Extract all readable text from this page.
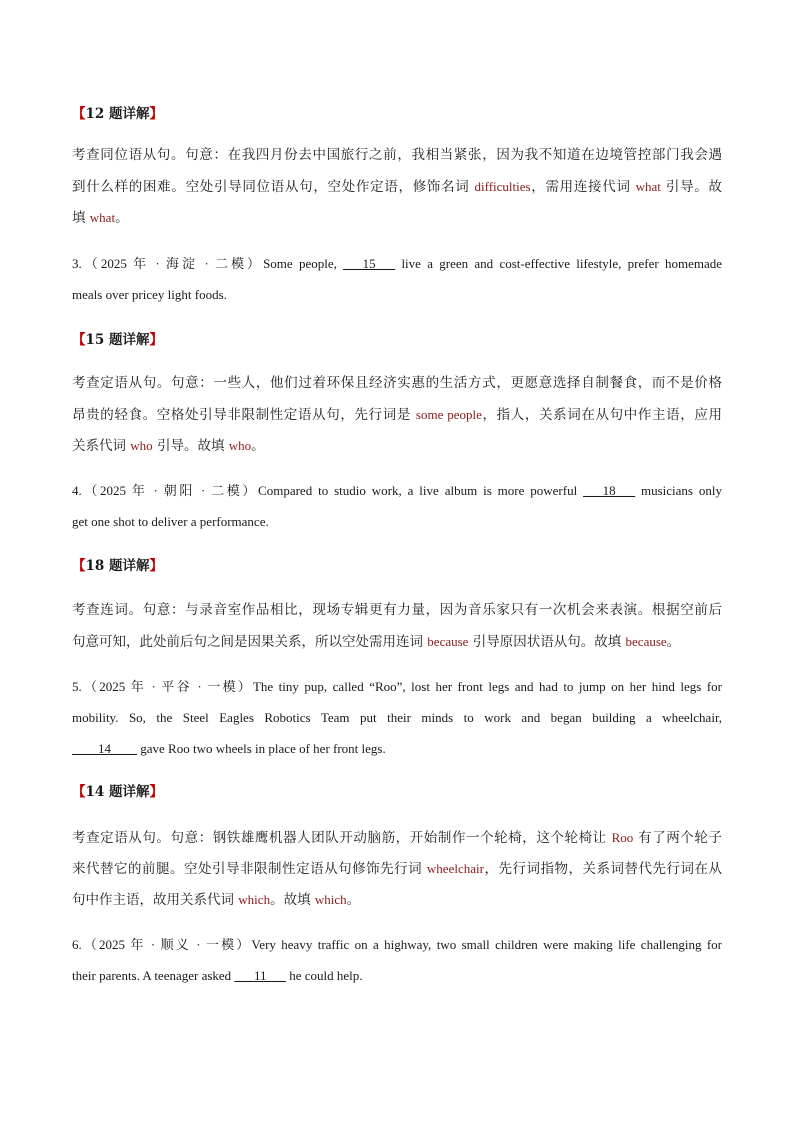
【12 题详解】
考查同位语从句。句意：在我四月份去中国旅行之前，我相当紧张，因为我不知道在边境管控部门我会遇
到什么样的困难。空处引导同位语从句，空处作定语，修饰名词 difficulties，需用连接代词 what 引导。故
填 what。
3.（2025 年 · 海淀 · 二模）Some people, ___15___ live a green and cost-effective lifestyle, prefer homemade
meals over pricey light foods.
【15 题详解】
考查定语从句。句意：一些人，他们过着环保且经济实惠的生活方式，更愿意选择自制餐食，而不是价格
昂贵的轻食。空格处引导非限制性定语从句，先行词是 some people，指人，关系词在从句中作主语，应用
关系代词 who 引导。故填 who。
4.（2025 年 · 朝阳 · 二模）Compared to studio work, a live album is more powerful ___18___ musicians only
get one shot to deliver a performance.
【18 题详解】
考查连词。句意：与录音室作品相比，现场专辑更有力量，因为音乐家只有一次机会来表演。根据空前后
句意可知，此处前后句之间是因果关系，所以空处需用连词 because 引导原因状语从句。故填 because。
5.（2025 年 · 平谷 · 一模）The tiny pup, called “Roo”, lost her front legs and had to jump on her hind legs for
mobility. So, the Steel Eagles Robotics Team put their minds to work and began building a wheelchair,
____14____ gave Roo two wheels in place of her front legs.
【14 题详解】
考查定语从句。句意：钢铁雄鹰机器人团队开动脑筋，开始制作一个轮椅，这个轮椅让 Roo 有了两个轮子
来代替它的前腿。空处引导非限制性定语从句修饰先行词 wheelchair，先行词指物，关系词替代先行词在从
句中作主语，故用关系代词 which。故填 which。
6.（2025 年 · 顺义 · 一模）Very heavy traffic on a highway, two small children were making life challenging for
their parents. A teenager asked ___11___ he could help.
